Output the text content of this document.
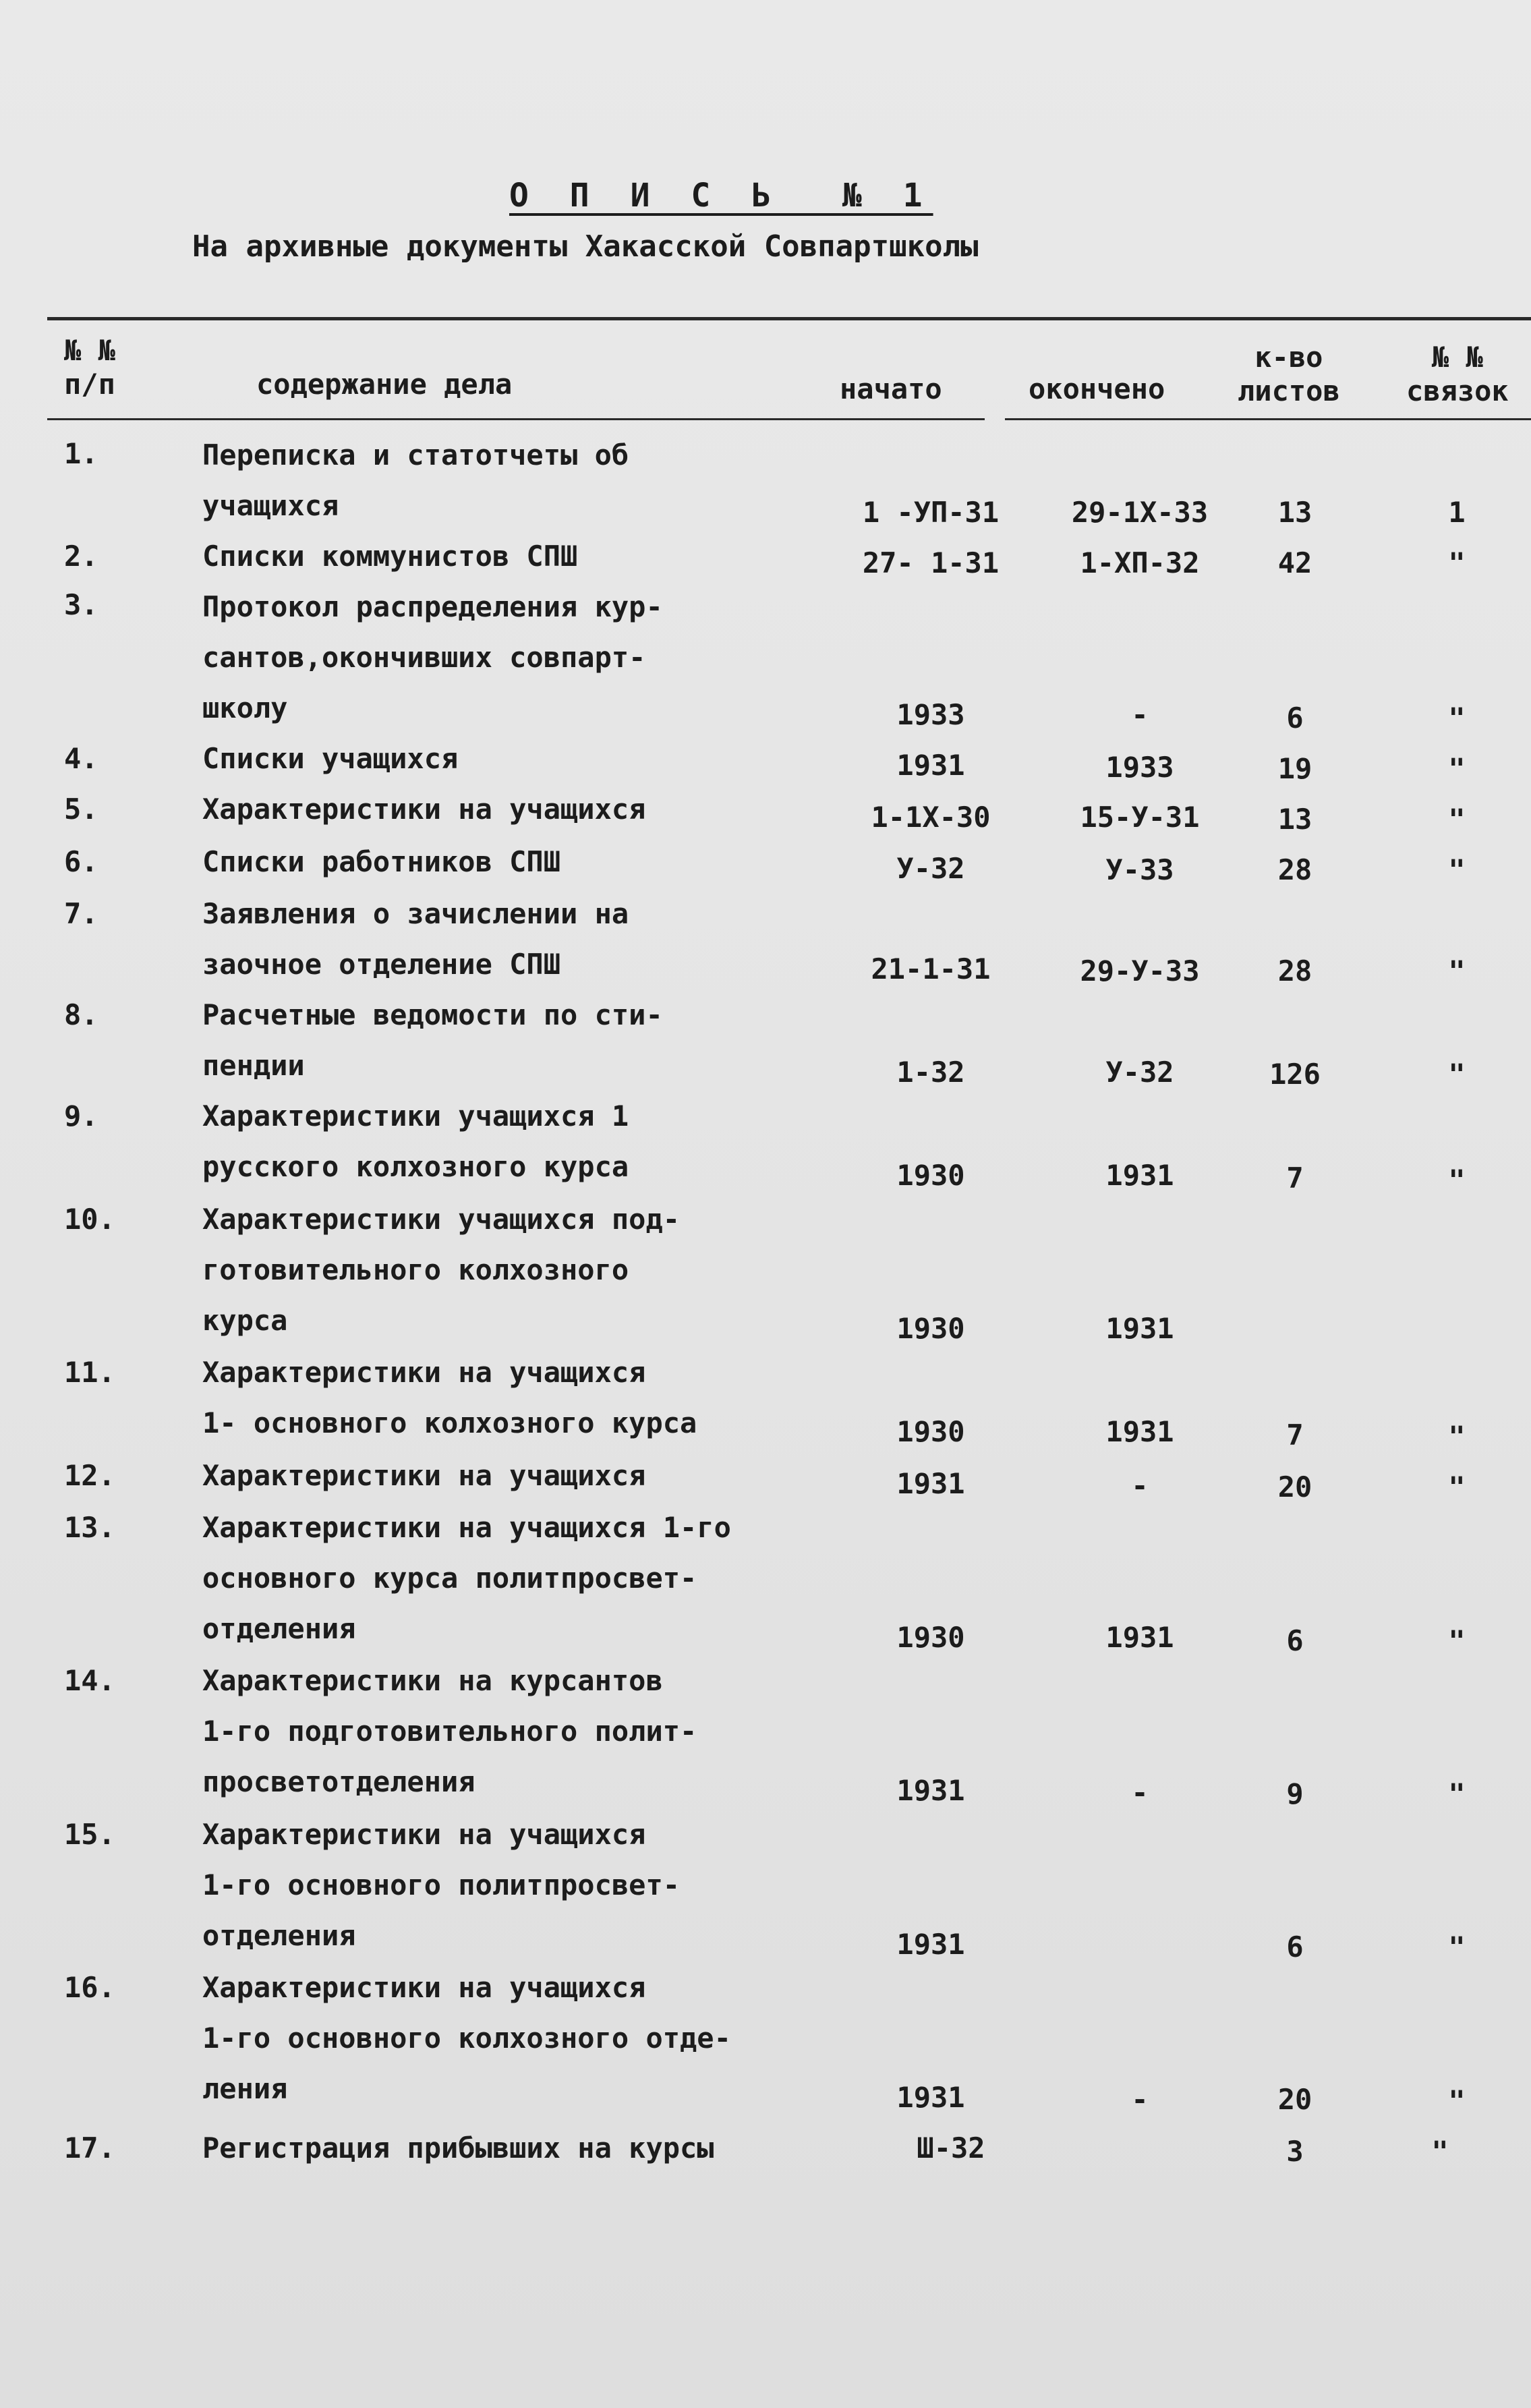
О П И С Ь  № 1
На архивные документы Хакасской Совпартшколы
№ №
п/п	содержание дела	начато	окончено
к-во
листов
№ №
связок
1.	Переписка и статотчеты об
учащихся	1 -УП-31	29-1Х-33	13	1
2.	Списки коммунистов СПШ	27- 1-31	1-ХП-32	42	"
3.	Протокол распределения кур-
сантов,окончивших совпарт-
школу	1933	-	6	"
4.	Списки учащихся	1931	1933	19	"
5.	Характеристики на учащихся	1-1Х-30	15-У-31	13	"
6.	Списки работников СПШ	У-32	У-33	28	"
7.	Заявления о зачислении на
заочное отделение СПШ	21-1-31	29-У-33	28	"
8.	Расчетные ведомости по сти-
пендии	1-32	У-32	126	"
9.	Характеристики учащихся 1
русского колхозного курса	1930	1931	7	"
10.	Характеристики учащихся под-
готовительного колхозного
курса	1930	1931
11.	Характеристики на учащихся
1- основного колхозного курса	1930	1931	7	"
12.	Характеристики на учащихся	1931	-	20	"
13.	Характеристики на учащихся 1-го
основного курса политпросвет-
отделения	1930	1931	6	"
14.	Характеристики на курсантов
1-го подготовительного полит-
просветотделения	1931	-	9	"
15.	Характеристики на учащихся
1-го основного политпросвет-
отделения	1931	6	"
16.	Характеристики на учащихся
1-го основного колхозного отде-
ления	1931	-	20	"
17.	Регистрация прибывших на курсы	Ш-32	3	"
